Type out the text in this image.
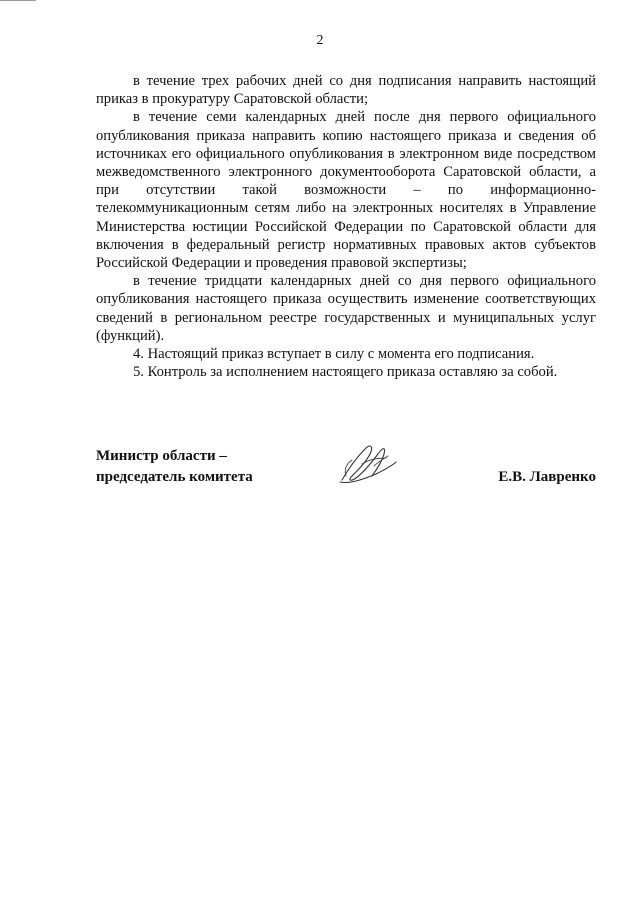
2

в течение трех рабочих дней со дня подписания направить настоящий приказ в прокуратуру Саратовской области;

в течение семи календарных дней после дня первого официального опубликования приказа направить копию настоящего приказа и сведения об источниках его официального опубликования в электронном виде посредством межведомственного электронного документооборота Саратовской области, а при отсутствии такой возможности – по информационно-телекоммуникационным сетям либо на электронных носителях в Управление Министерства юстиции Российской Федерации по Саратовской области для включения в федеральный регистр нормативных правовых актов субъектов Российской Федерации и проведения правовой экспертизы;

в течение тридцати календарных дней со дня первого официального опубликования настоящего приказа осуществить изменение соответствующих сведений в региональном реестре государственных и муниципальных услуг (функций).

4. Настоящий приказ вступает в силу с момента его подписания.

5. Контроль за исполнением настоящего приказа оставляю за собой.

Министр области –
председатель комитета	Е.В. Лавренко
